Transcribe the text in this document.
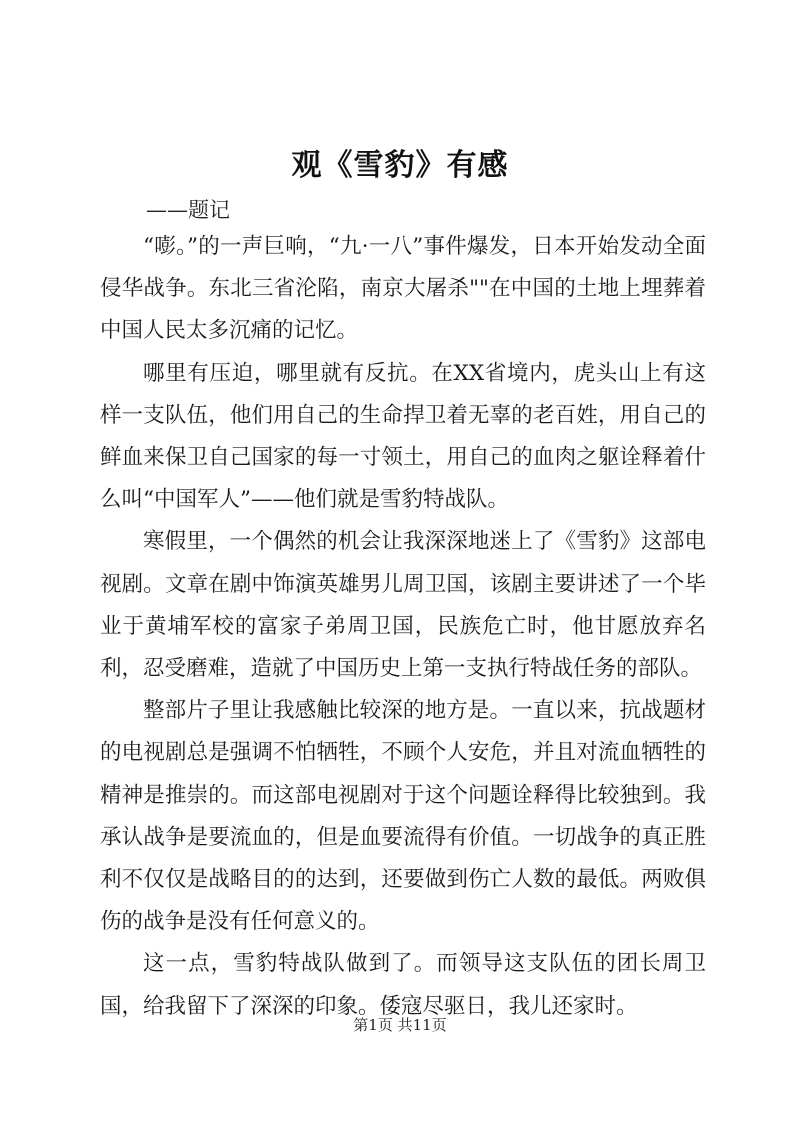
观《雪豹》有感
——题记

“嘭。”的一声巨响，“九·一八”事件爆发，日本开始发动全面侵华战争。东北三省沦陷，南京大屠杀""在中国的土地上埋葬着中国人民太多沉痛的记忆。

哪里有压迫，哪里就有反抗。在XX省境内，虎头山上有这样一支队伍，他们用自己的生命捍卫着无辜的老百姓，用自己的鲜血来保卫自己国家的每一寸领土，用自己的血肉之躯诠释着什么叫“中国军人”——他们就是雪豹特战队。

寒假里，一个偶然的机会让我深深地迷上了《雪豹》这部电视剧。文章在剧中饰演英雄男儿周卫国，该剧主要讲述了一个毕业于黄埔军校的富家子弟周卫国，民族危亡时，他甘愿放弃名利，忍受磨难，造就了中国历史上第一支执行特战任务的部队。

整部片子里让我感触比较深的地方是。一直以来，抗战题材的电视剧总是强调不怕牺牲，不顾个人安危，并且对流血牺牲的精神是推崇的。而这部电视剧对于这个问题诠释得比较独到。我承认战争是要流血的，但是血要流得有价值。一切战争的真正胜利不仅仅是战略目的的达到，还要做到伤亡人数的最低。两败俱伤的战争是没有任何意义的。

这一点，雪豹特战队做到了。而领导这支队伍的团长周卫国，给我留下了深深的印象。倭寇尽驱日，我儿还家时。

第1页 共11页
